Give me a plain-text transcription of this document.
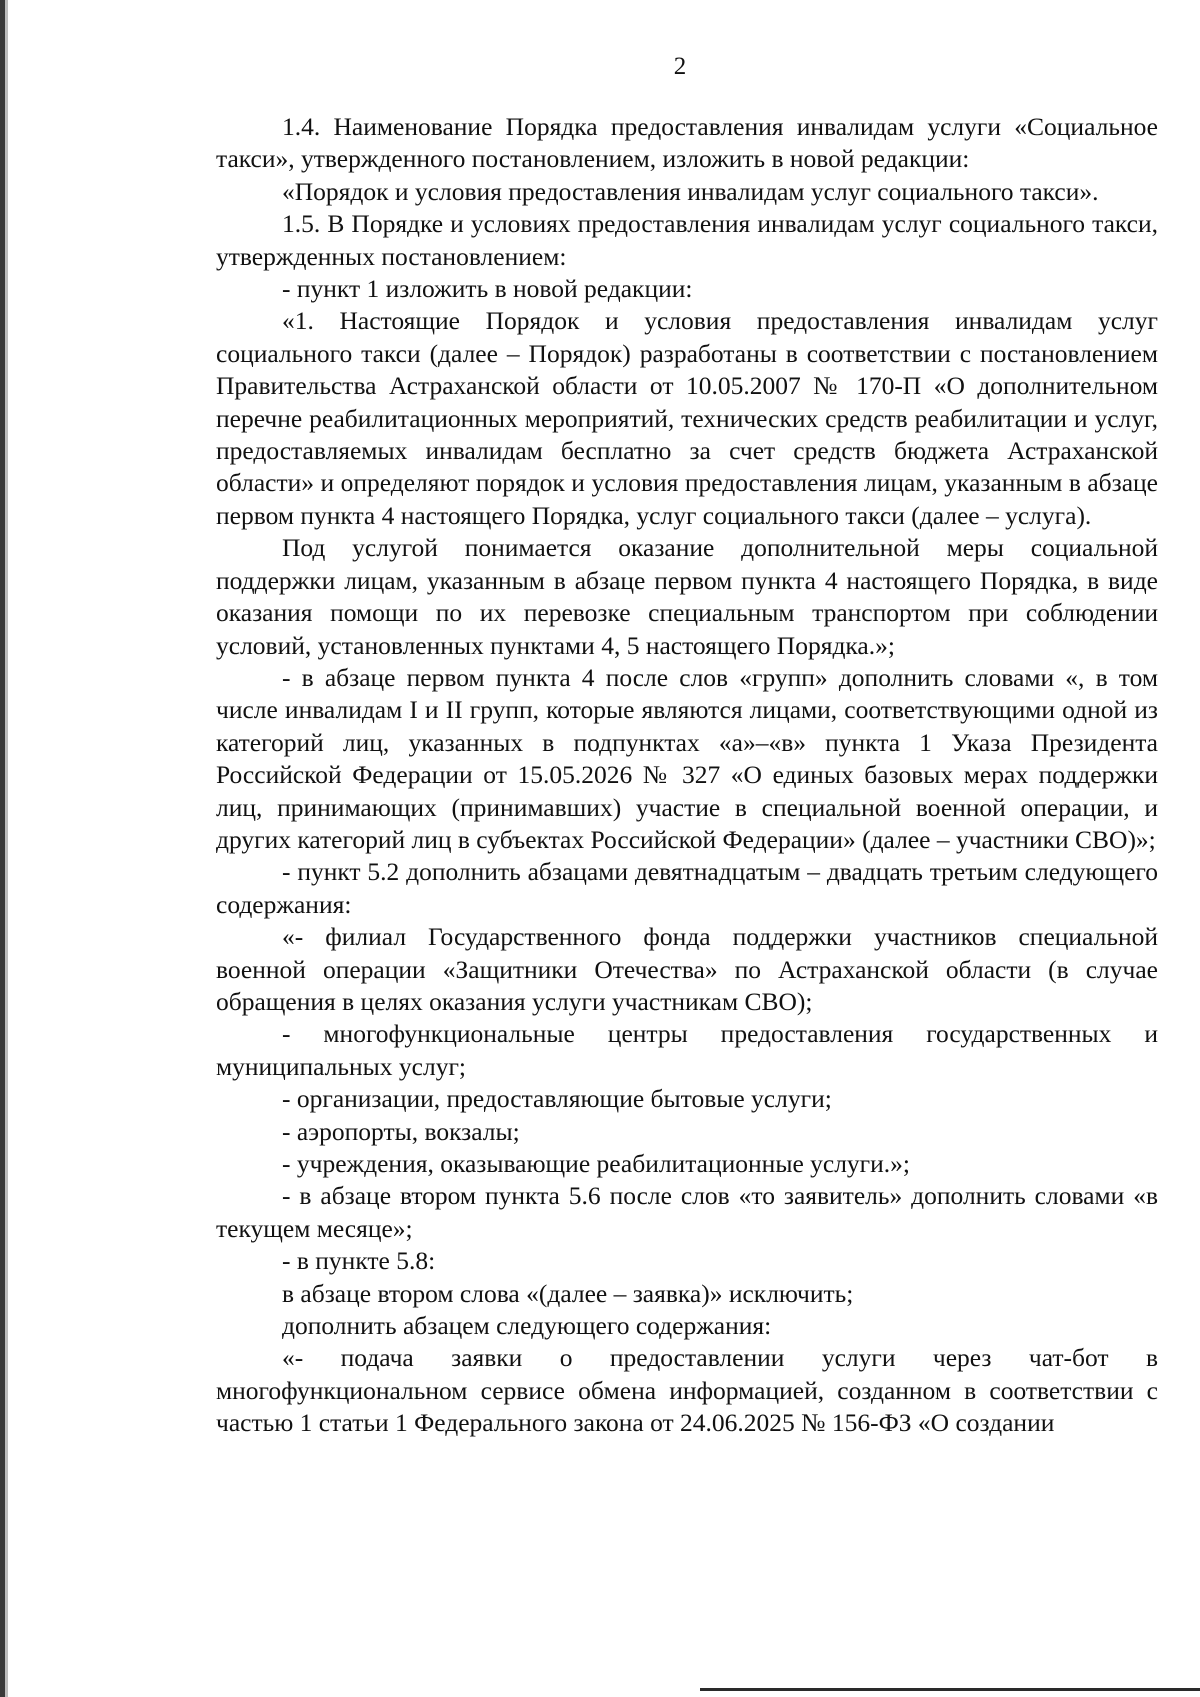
2

1.4. Наименование Порядка предоставления инвалидам услуги «Социальное такси», утвержденного постановлением, изложить в новой редакции:

«Порядок и условия предоставления инвалидам услуг социального такси».

1.5. В Порядке и условиях предоставления инвалидам услуг социального такси, утвержденных постановлением:

- пункт 1 изложить в новой редакции:

«1. Настоящие Порядок и условия предоставления инвалидам услуг социального такси (далее – Порядок) разработаны в соответствии с постановлением Правительства Астраханской области от 10.05.2007 № 170-П «О дополнительном перечне реабилитационных мероприятий, технических средств реабилитации и услуг, предоставляемых инвалидам бесплатно за счет средств бюджета Астраханской области» и определяют порядок и условия предоставления лицам, указанным в абзаце первом пункта 4 настоящего Порядка, услуг социального такси (далее – услуга).

Под услугой понимается оказание дополнительной меры социальной поддержки лицам, указанным в абзаце первом пункта 4 настоящего Порядка, в виде оказания помощи по их перевозке специальным транспортом при соблюдении условий, установленных пунктами 4, 5 настоящего Порядка.»;

- в абзаце первом пункта 4 после слов «групп» дополнить словами «, в том числе инвалидам I и II групп, которые являются лицами, соответствующими одной из категорий лиц, указанных в подпунктах «а»–«в» пункта 1 Указа Президента Российской Федерации от 15.05.2026 № 327 «О единых базовых мерах поддержки лиц, принимающих (принимавших) участие в специальной военной операции, и других категорий лиц в субъектах Российской Федерации» (далее – участники СВО)»;

- пункт 5.2 дополнить абзацами девятнадцатым – двадцать третьим следующего содержания:

«- филиал Государственного фонда поддержки участников специальной военной операции «Защитники Отечества» по Астраханской области (в случае обращения в целях оказания услуги участникам СВО);

- многофункциональные центры предоставления государственных и муниципальных услуг;

- организации, предоставляющие бытовые услуги;

- аэропорты, вокзалы;

- учреждения, оказывающие реабилитационные услуги.»;

- в абзаце втором пункта 5.6 после слов «то заявитель» дополнить словами «в текущем месяце»;

- в пункте 5.8:

в абзаце втором слова «(далее – заявка)» исключить;

дополнить абзацем следующего содержания:

«- подача заявки о предоставлении услуги через чат-бот в многофункциональном сервисе обмена информацией, созданном в соответствии с частью 1 статьи 1 Федерального закона от 24.06.2025 № 156-ФЗ «О создании
